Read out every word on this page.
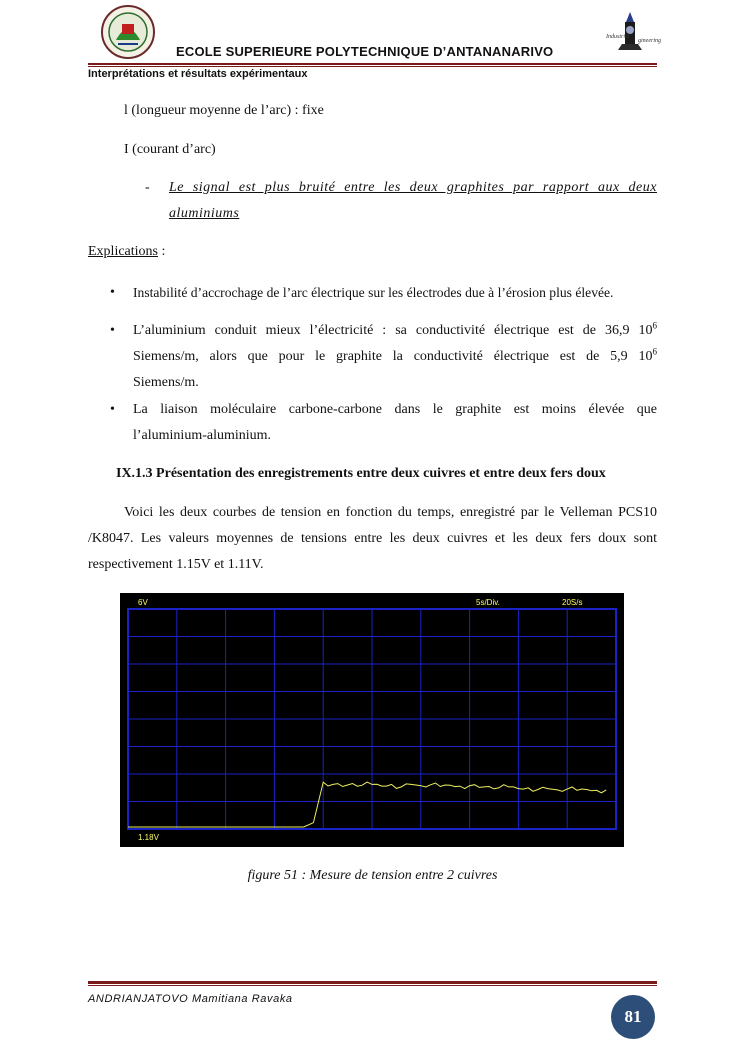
Industriel
gineering
ECOLE SUPERIEURE POLYTECHNIQUE D’ANTANANARIVO
Interprétations et résultats expérimentaux
l (longueur moyenne de l’arc) : fixe
I (courant d’arc)
- Le signal est plus bruité entre les deux graphites par rapport aux deux
aluminiums
Explications :
• Instabilité d’accrochage de l’arc électrique sur les électrodes due à l’érosion plus élevée.
• L’aluminium conduit mieux l’électricité : sa conductivité électrique est de 36,9 $10^6$
Siemens/m, alors que pour le graphite la conductivité électrique est de 5,9 $10^6$
Siemens/m.
• La liaison moléculaire carbone-carbone dans le graphite est moins élevée que
l’aluminium-aluminium.
IX.1.3 Présentation des enregistrements entre deux cuivres et entre deux fers doux
Voici les deux courbes de tension en fonction du temps, enregistré par le Velleman PCS10
/K8047. Les valeurs moyennes de tensions entre les deux cuivres et les deux fers doux sont
respectivement 1.15V et 1.11V.
6V	5s/Div.	20S/s
1.18V
figure 51 : Mesure de tension entre 2 cuivres
ANDRIANJATOVO Mamitiana Ravaka
81
